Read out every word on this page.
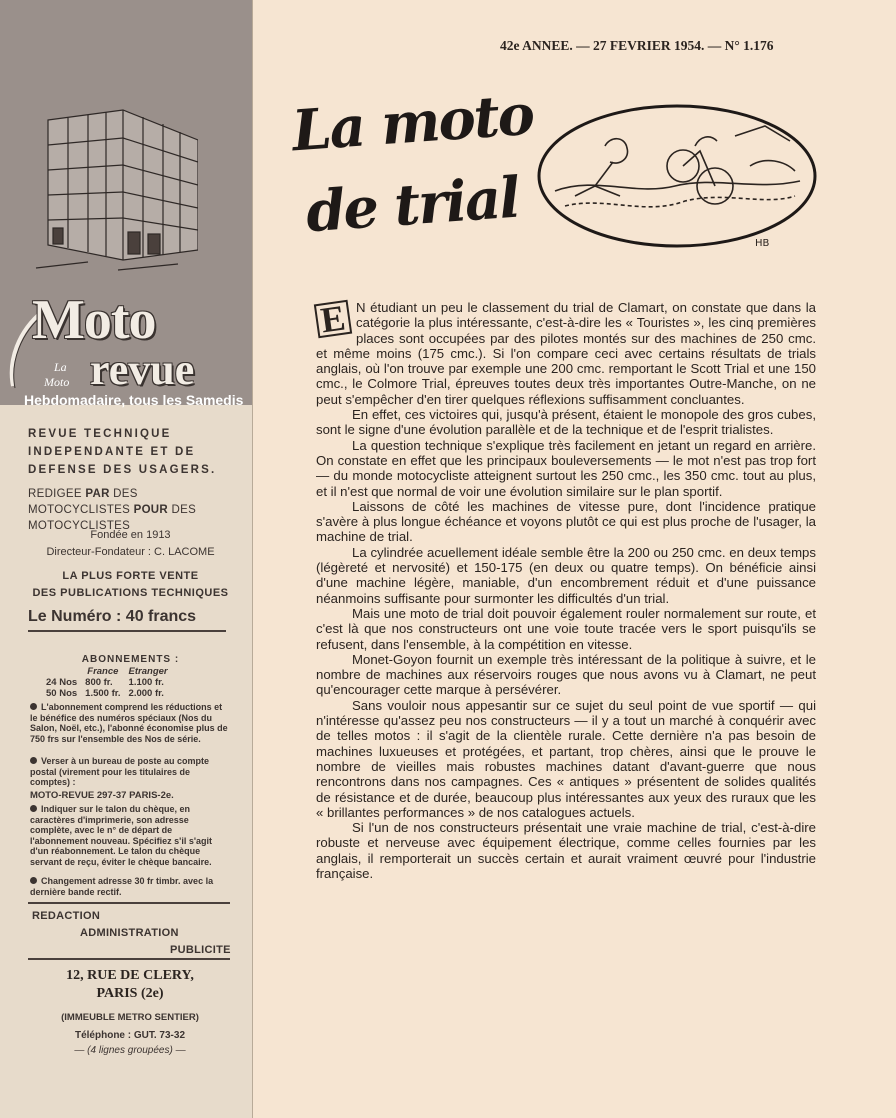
Moto
La
Moto revue
Hebdomadaire, tous les Samedis
REVUE TECHNIQUE INDEPENDANTE ET DE DEFENSE DES USAGERS.
REDIGEE PAR DES MOTOCYCLISTES POUR DES MOTOCYCLISTES
Fondée en 1913
Directeur-Fondateur : C. LACOME
LA PLUS FORTE VENTE
DES PUBLICATIONS TECHNIQUES
Le Numéro : 40 francs
ABONNEMENTS :
	France	Etranger
24 Nos	800 fr.	1.100 fr.
50 Nos	1.500 fr.	2.000 fr.
L'abonnement comprend les réductions et le bénéfice des numéros spéciaux (Nos du Salon, Noël, etc.), l'abonné économise plus de 750 frs sur l'ensemble des Nos de série.
Verser à un bureau de poste au compte postal (virement pour les titulaires de comptes) :
MOTO-REVUE 297-37 PARIS-2e.
Indiquer sur le talon du chèque, en caractères d'imprimerie, son adresse complète, avec le n° de départ de l'abonnement nouveau. Spécifiez s'il s'agit d'un réabonnement. Le talon du chèque servant de reçu, éviter le chèque bancaire.
Changement adresse 30 fr timbr. avec la dernière bande rectif.
REDACTION
ADMINISTRATION
PUBLICITE
12, RUE DE CLERY,
PARIS (2e)
(IMMEUBLE METRO SENTIER)
Téléphone : GUT. 73-32
— (4 lignes groupées) —
42e ANNEE. — 27 FEVRIER 1954. — N° 1.176
La moto
de trial	HB

E N étudiant un peu le classement du trial de Clamart, on constate que dans la catégorie la plus intéressante, c'est-à-dire les « Touristes », les cinq premières places sont occupées par des pilotes montés sur des machines de 250 cmc. et même moins (175 cmc.). Si l'on compare ceci avec certains résultats de trials anglais, où l'on trouve par exemple une 200 cmc. remportant le Scott Trial et une 150 cmc., le Colmore Trial, épreuves toutes deux très importantes Outre-Manche, on ne peut s'empêcher d'en tirer quelques réflexions suffisamment concluantes.

En effet, ces victoires qui, jusqu'à présent, étaient le monopole des gros cubes, sont le signe d'une évolution parallèle et de la technique et de l'esprit trialistes.

La question technique s'explique très facilement en jetant un regard en arrière. On constate en effet que les principaux bouleversements — le mot n'est pas trop fort — du monde motocycliste atteignent surtout les 250 cmc., les 350 cmc. tout au plus, et il n'est que normal de voir une évolution similaire sur le plan sportif.

Laissons de côté les machines de vitesse pure, dont l'incidence pratique s'avère à plus longue échéance et voyons plutôt ce qui est plus proche de l'usager, la machine de trial.

La cylindrée acuellement idéale semble être la 200 ou 250 cmc. en deux temps (légèreté et nervosité) et 150-175 (en deux ou quatre temps). On bénéficie ainsi d'une machine légère, maniable, d'un encombrement réduit et d'une puissance néanmoins suffisante pour surmonter les difficultés d'un trial.

Mais une moto de trial doit pouvoir également rouler normalement sur route, et c'est là que nos constructeurs ont une voie toute tracée vers le sport puisqu'ils se refusent, dans l'ensemble, à la compétition en vitesse.

Monet-Goyon fournit un exemple très intéressant de la politique à suivre, et le nombre de machines aux réservoirs rouges que nous avons vu à Clamart, ne peut qu'encourager cette marque à persévérer.

Sans vouloir nous appesantir sur ce sujet du seul point de vue sportif — qui n'intéresse qu'assez peu nos constructeurs — il y a tout un marché à conquérir avec de telles motos : il s'agit de la clientèle rurale. Cette dernière n'a pas besoin de machines luxueuses et protégées, et partant, trop chères, ainsi que le prouve le nombre de vieilles mais robustes machines datant d'avant-guerre que nous rencontrons dans nos campagnes. Ces « antiques » présentent de solides qualités de résistance et de durée, beaucoup plus intéressantes aux yeux des ruraux que les « brillantes performances » de nos catalogues actuels.

Si l'un de nos constructeurs présentait une vraie machine de trial, c'est-à-dire robuste et nerveuse avec équipement électrique, comme celles fournies par les anglais, il remporterait un succès certain et aurait vraiment œuvré pour l'industrie française.
